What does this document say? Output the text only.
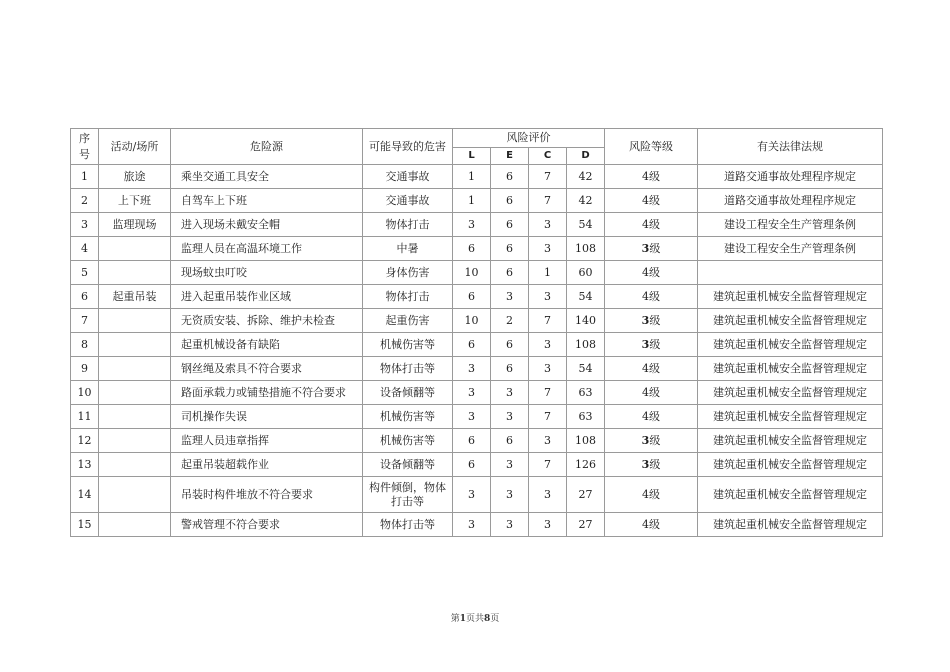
序号	活动/场所	危险源	可能导致的危害	风险评价				风险等级	有关法律法规
				L	E	C	D		
1	旅途	乘坐交通工具安全	交通事故	1	6	7	42	4级	道路交通事故处理程序规定
2	上下班	自驾车上下班	交通事故	1	6	7	42	4级	道路交通事故处理程序规定
3	监理现场	进入现场未戴安全帽	物体打击	3	6	3	54	4级	建设工程安全生产管理条例
4		监理人员在高温环境工作	中暑	6	6	3	108	3级	建设工程安全生产管理条例
5		现场蚊虫叮咬	身体伤害	10	6	1	60	4级	
6	起重吊装	进入起重吊装作业区域	物体打击	6	3	3	54	4级	建筑起重机械安全监督管理规定
7		无资质安装、拆除、维护未检查	起重伤害	10	2	7	140	3级	建筑起重机械安全监督管理规定
8		起重机械设备有缺陷	机械伤害等	6	6	3	108	3级	建筑起重机械安全监督管理规定
9		钢丝绳及索具不符合要求	物体打击等	3	6	3	54	4级	建筑起重机械安全监督管理规定
10		路面承载力或铺垫措施不符合要求	设备倾翻等	3	3	7	63	4级	建筑起重机械安全监督管理规定
11		司机操作失误	机械伤害等	3	3	7	63	4级	建筑起重机械安全监督管理规定
12		监理人员违章指挥	机械伤害等	6	6	3	108	3级	建筑起重机械安全监督管理规定
13		起重吊装超载作业	设备倾翻等	6	3	7	126	3级	建筑起重机械安全监督管理规定
14		吊装时构件堆放不符合要求	构件倾倒，物体打击等	3	3	3	27	4级	建筑起重机械安全监督管理规定
15		警戒管理不符合要求	物体打击等	3	3	3	27	4级	建筑起重机械安全监督管理规定
第1页共8页
